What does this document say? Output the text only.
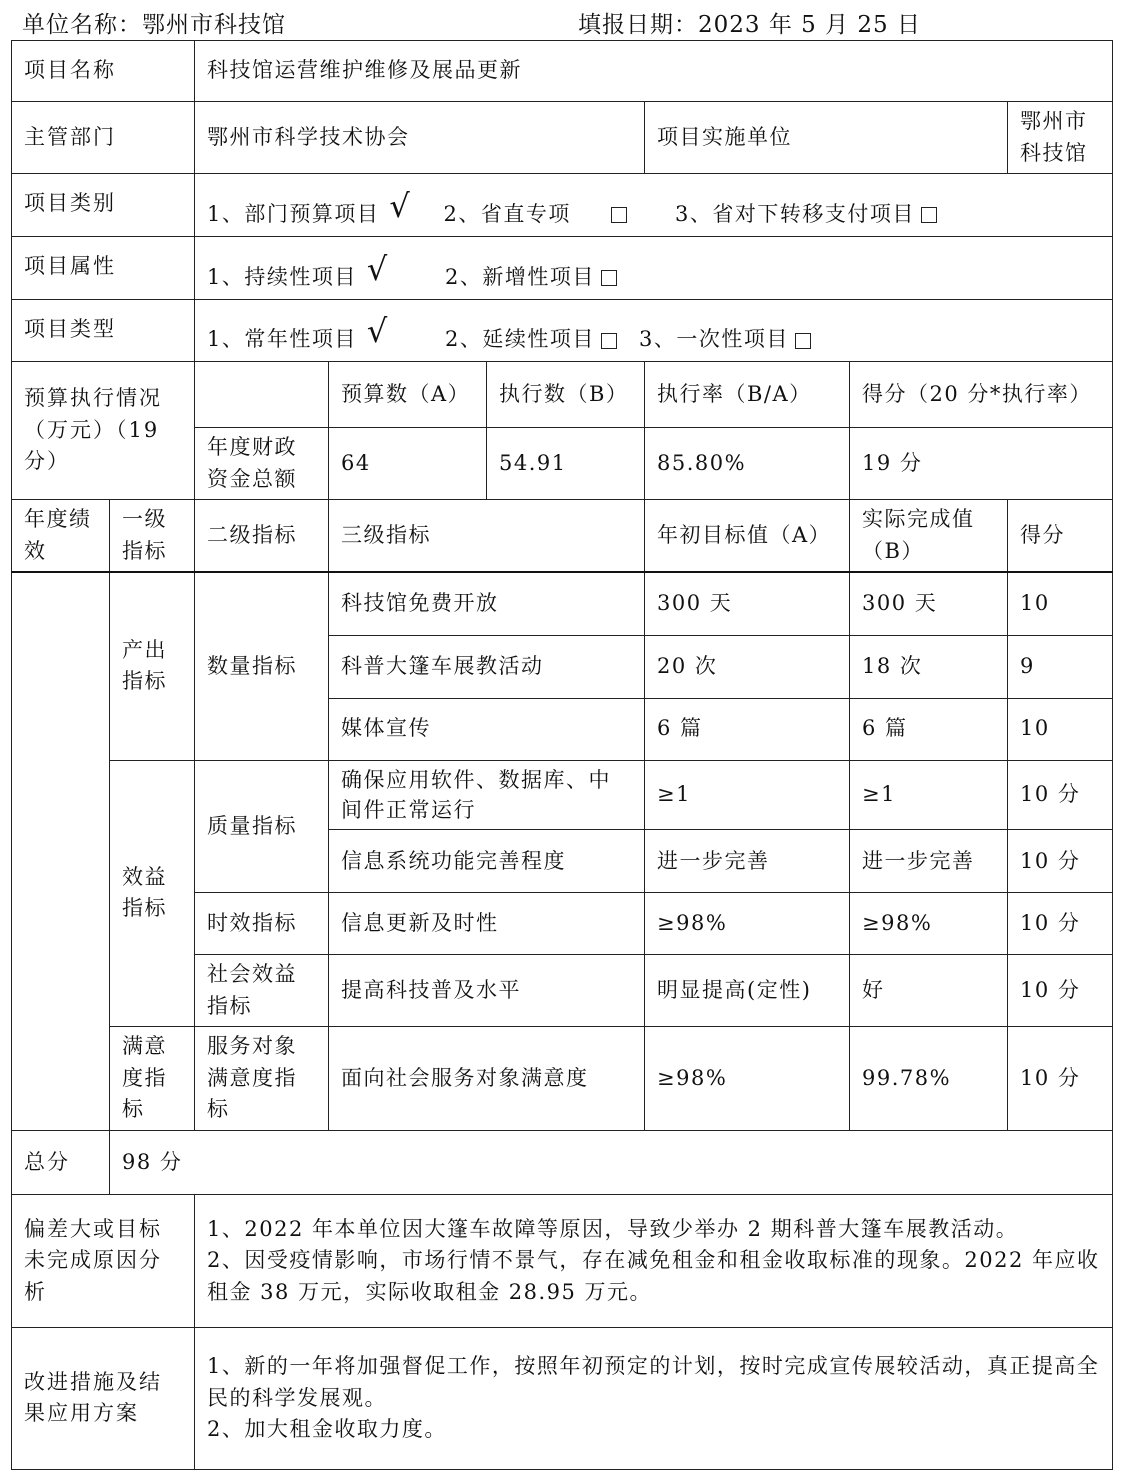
单位名称：鄂州市科技馆	填报日期：2023 年 5 月 25 日
项目名称		科技馆运营维护维修及展品更新					
主管部门		鄂州市科学技术协会			项目实施单位		鄂州市科技馆
项目类别		1、部门预算项目 √ 2、省直专项 3、省对下转移支付项目					
项目属性		1、持续性项目 √ 2、新增性项目					
项目类型		1、常年性项目 √ 2、延续性项目 3、一次性项目					
预算执行情况（万元）（19 分）			预算数（A）	执行数（B）	执行率（B/A）	得分（20 分*执行率）	
		年度财政资金总额	64	54.91	85.80%	19 分	
年度绩效	一级指标	二级指标	三级指标		年初目标值（A）	实际完成值（B）	得分
	产出指标	数量指标	科技馆免费开放		300 天	300 天	10
			科普大篷车展教活动		20 次	18 次	9
			媒体宣传		6 篇	6 篇	10
	效益指标	质量指标	确保应用软件、数据库、中间件正常运行		≥1	≥1	10 分
			信息系统功能完善程度		进一步完善	进一步完善	10 分
		时效指标	信息更新及时性		≥98%	≥98%	10 分
		社会效益指标	提高科技普及水平		明显提高(定性)	好	10 分
	满意度指标	服务对象满意度指标	面向社会服务对象满意度		≥98%	99.78%	10 分
总分	98 分						
偏差大或目标未完成原因分析		1、2022 年本单位因大篷车故障等原因，导致少举办 2 期科普大篷车展教活动。
2、因受疫情影响，市场行情不景气，存在减免租金和租金收取标准的现象。2022 年应收租金 38 万元，实际收取租金 28.95 万元。					

改进措施及结果应用方案		1、新的一年将加强督促工作，按照年初预定的计划，按时完成宣传展较活动，真正提高全民的科学发展观。
2、加大租金收取力度。					
